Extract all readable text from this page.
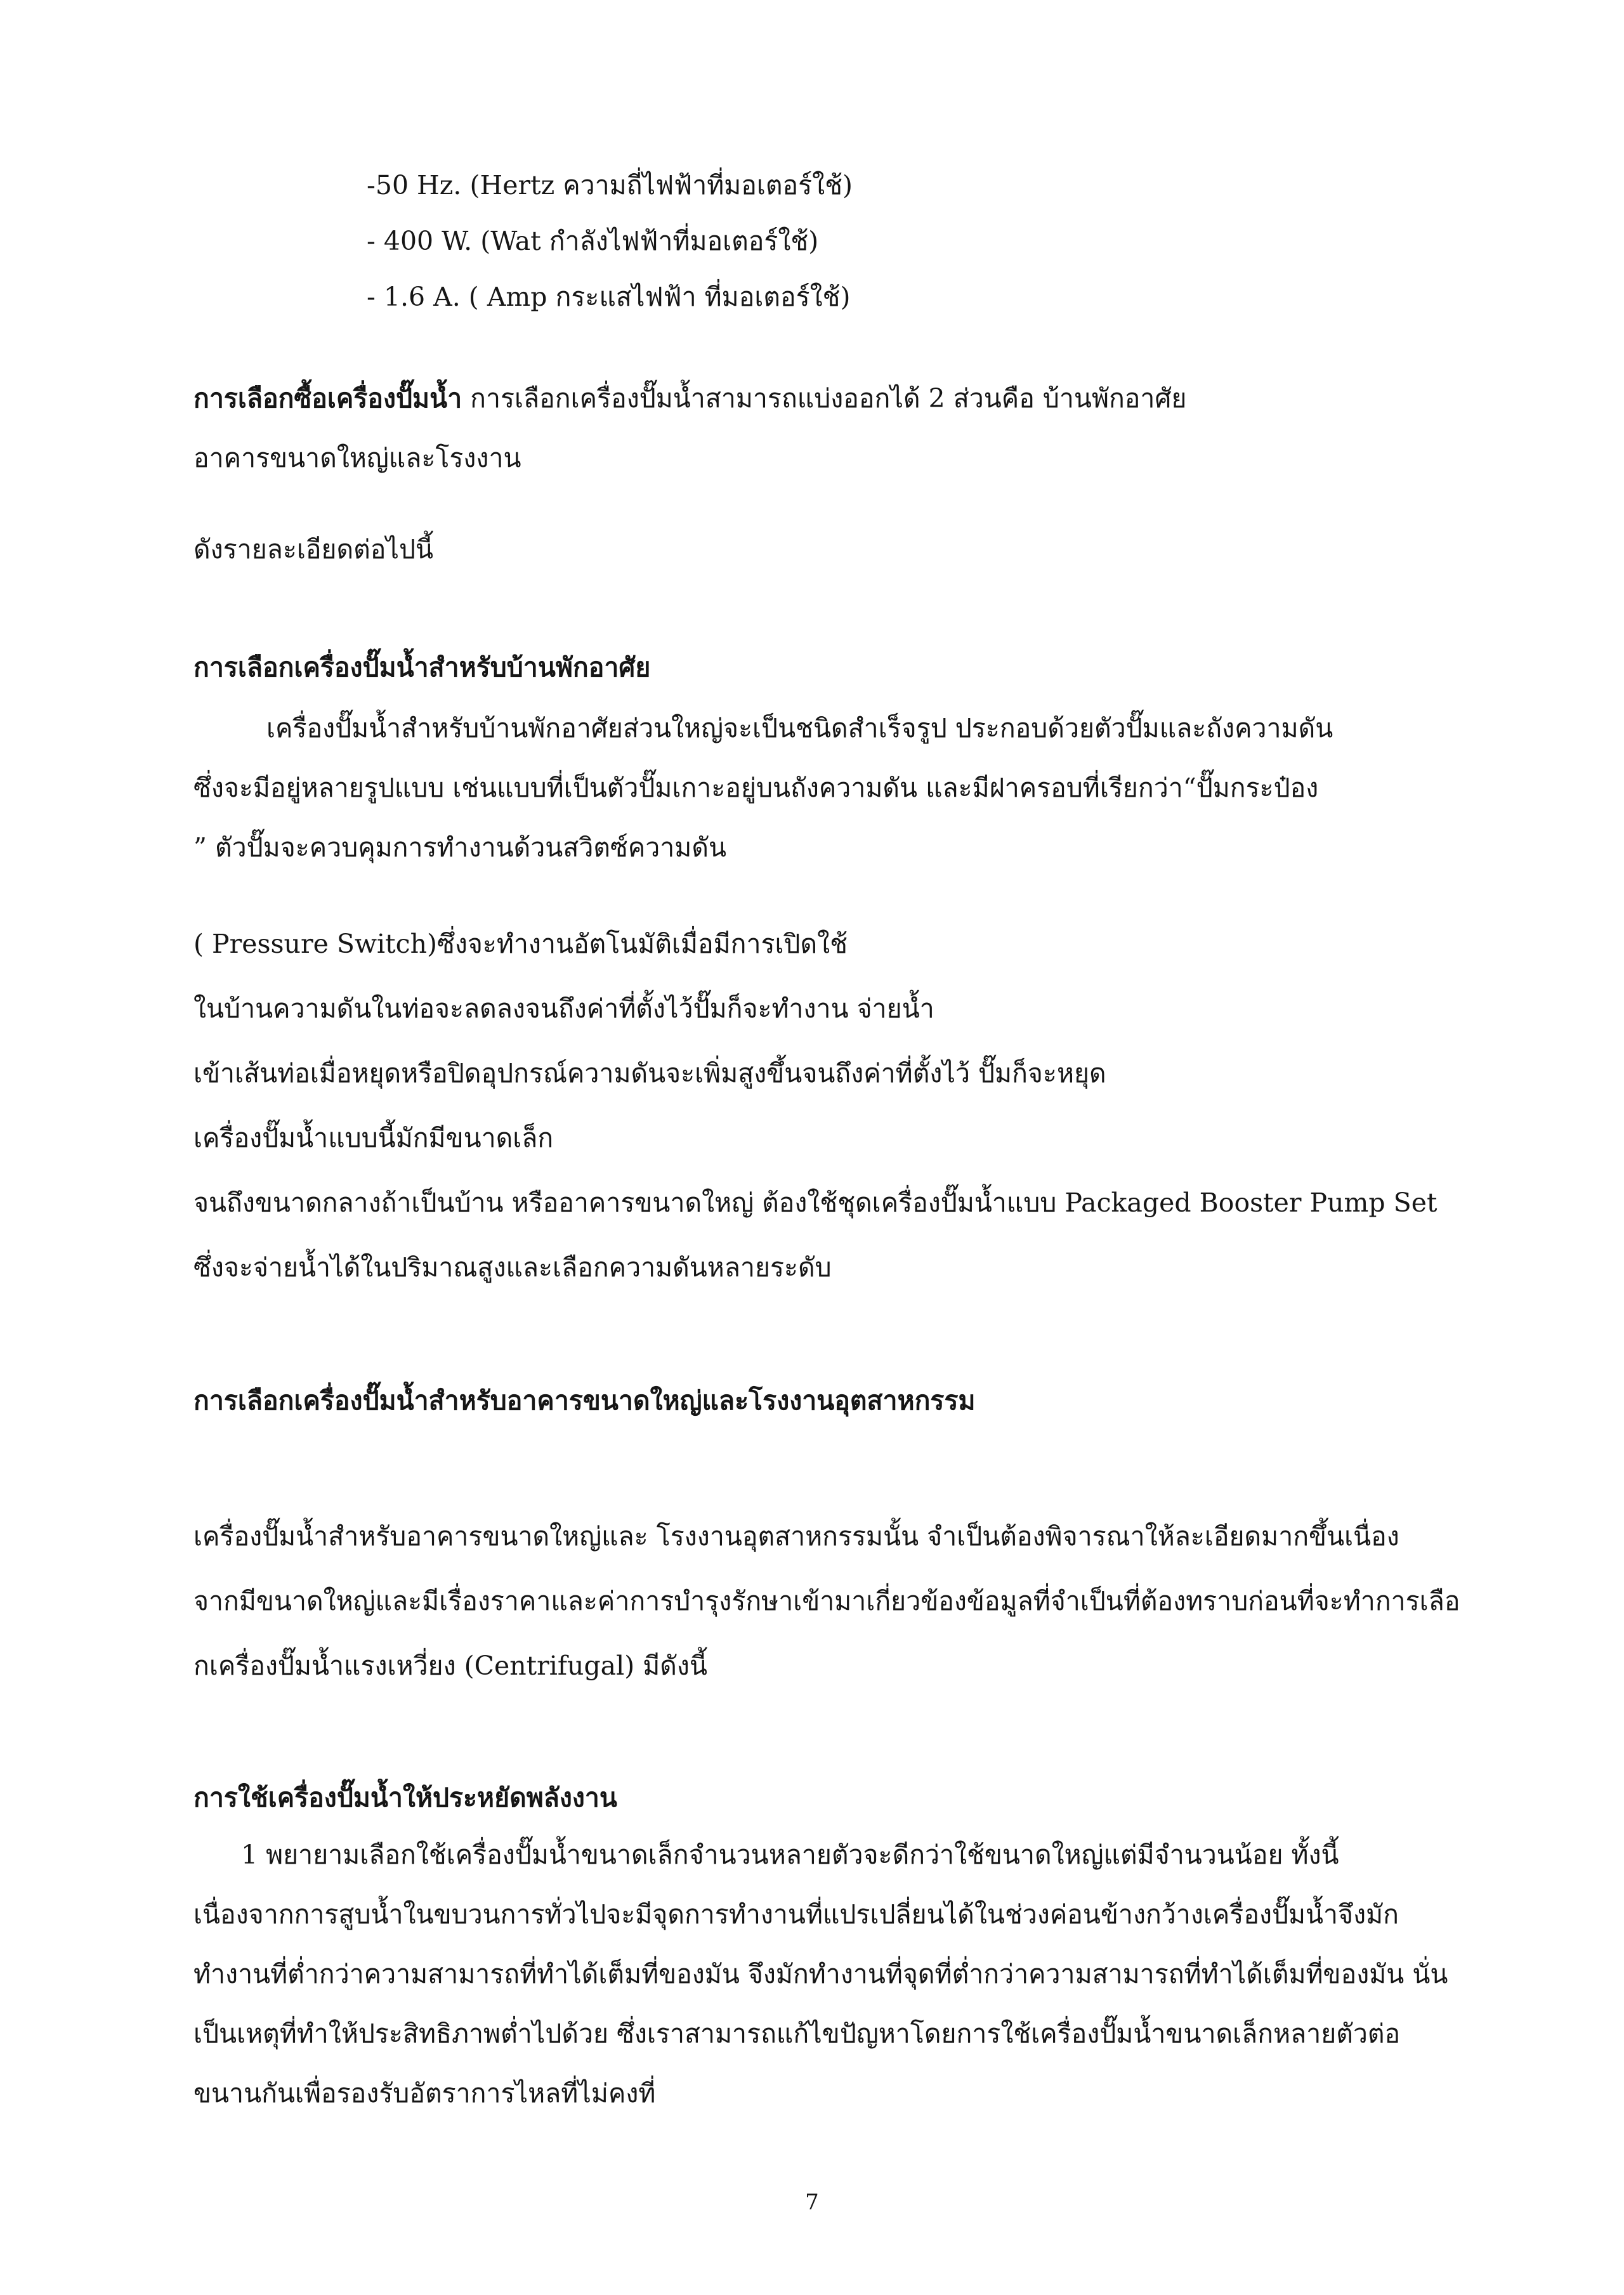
-50 Hz. (Hertz ความถี่ไฟฟ้าที่มอเตอร์ใช้)

- 400 W. (Wat กำลังไฟฟ้าที่มอเตอร์ใช้)

- 1.6 A. ( Amp กระแสไฟฟ้า ที่มอเตอร์ใช้)

การเลือกซื้อเครื่องปั๊มน้ำ การเลือกเครื่องปั๊มน้ำสามารถแบ่งออกได้ 2 ส่วนคือ บ้านพักอาศัย

อาคารขนาดใหญ่และโรงงาน

ดังรายละเอียดต่อไปนี้

การเลือกเครื่องปั๊มน้ำสำหรับบ้านพักอาศัย

เครื่องปั๊มน้ำสำหรับบ้านพักอาศัยส่วนใหญ่จะเป็นชนิดสำเร็จรูป ประกอบด้วยตัวปั๊มและถังความดัน

ซึ่งจะมีอยู่หลายรูปแบบ เช่นแบบที่เป็นตัวปั๊มเกาะอยู่บนถังความดัน และมีฝาครอบที่เรียกว่า“ปั๊มกระป๋อง

” ตัวปั๊มจะควบคุมการทำงานด้วนสวิตซ์ความดัน

( Pressure Switch)ซึ่งจะทำงานอัตโนมัติเมื่อมีการเปิดใช้

ในบ้านความดันในท่อจะลดลงจนถึงค่าที่ตั้งไว้ปั๊มก็จะทำงาน จ่ายน้ำ

เข้าเส้นท่อเมื่อหยุดหรือปิดอุปกรณ์ความดันจะเพิ่มสูงขึ้นจนถึงค่าที่ตั้งไว้ ปั๊มก็จะหยุด

เครื่องปั๊มน้ำแบบนี้มักมีขนาดเล็ก

จนถึงขนาดกลางถ้าเป็นบ้าน หรืออาคารขนาดใหญ่ ต้องใช้ชุดเครื่องปั๊มน้ำแบบ Packaged Booster Pump Set

ซึ่งจะจ่ายน้ำได้ในปริมาณสูงและเลือกความดันหลายระดับ

การเลือกเครื่องปั๊มน้ำสำหรับอาคารขนาดใหญ่และโรงงานอุตสาหกรรม

เครื่องปั๊มน้ำสำหรับอาคารขนาดใหญ่และ โรงงานอุตสาหกรรมนั้น จำเป็นต้องพิจารณาให้ละเอียดมากขึ้นเนื่อง

จากมีขนาดใหญ่และมีเรื่องราคาและค่าการบำรุงรักษาเข้ามาเกี่ยวข้องข้อมูลที่จำเป็นที่ต้องทราบก่อนที่จะทำการเลือ

กเครื่องปั๊มน้ำแรงเหวี่ยง (Centrifugal) มีดังนี้

การใช้เครื่องปั๊มน้ำให้ประหยัดพลังงาน

1 พยายามเลือกใช้เครื่องปั๊มน้ำขนาดเล็กจำนวนหลายตัวจะดีกว่าใช้ขนาดใหญ่แต่มีจำนวนน้อย ทั้งนี้

เนื่องจากการสูบน้ำในขบวนการทั่วไปจะมีจุดการทำงานที่แปรเปลี่ยนได้ในช่วงค่อนข้างกว้างเครื่องปั๊มน้ำจึงมัก

ทำงานที่ต่ำกว่าความสามารถที่ทำได้เต็มที่ของมัน จึงมักทำงานที่จุดที่ต่ำกว่าความสามารถที่ทำได้เต็มที่ของมัน นั่น

เป็นเหตุที่ทำให้ประสิทธิภาพต่ำไปด้วย ซึ่งเราสามารถแก้ไขปัญหาโดยการใช้เครื่องปั๊มน้ำขนาดเล็กหลายตัวต่อ

ขนานกันเพื่อรองรับอัตราการไหลที่ไม่คงที่

7
